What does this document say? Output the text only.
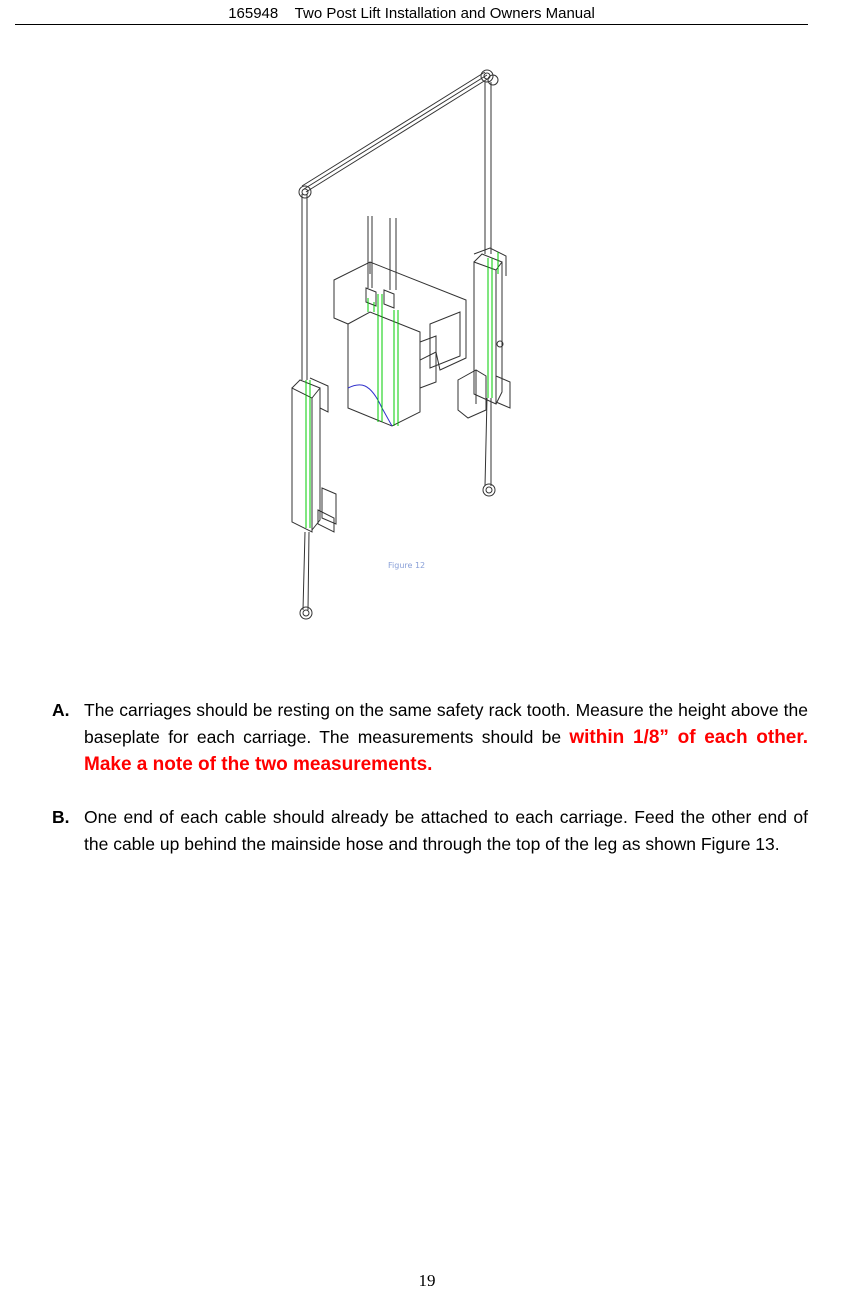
165948 Two Post Lift Installation and Owners Manual
Figure 12
A. The carriages should be resting on the same safety rack tooth. Measure the height above the baseplate for each carriage. The measurements should be within 1/8” of each other. Make a note of the two measurements.
B. One end of each cable should already be attached to each carriage. Feed the other end of the cable up behind the mainside hose and through the top of the leg as shown Figure 13.
19
